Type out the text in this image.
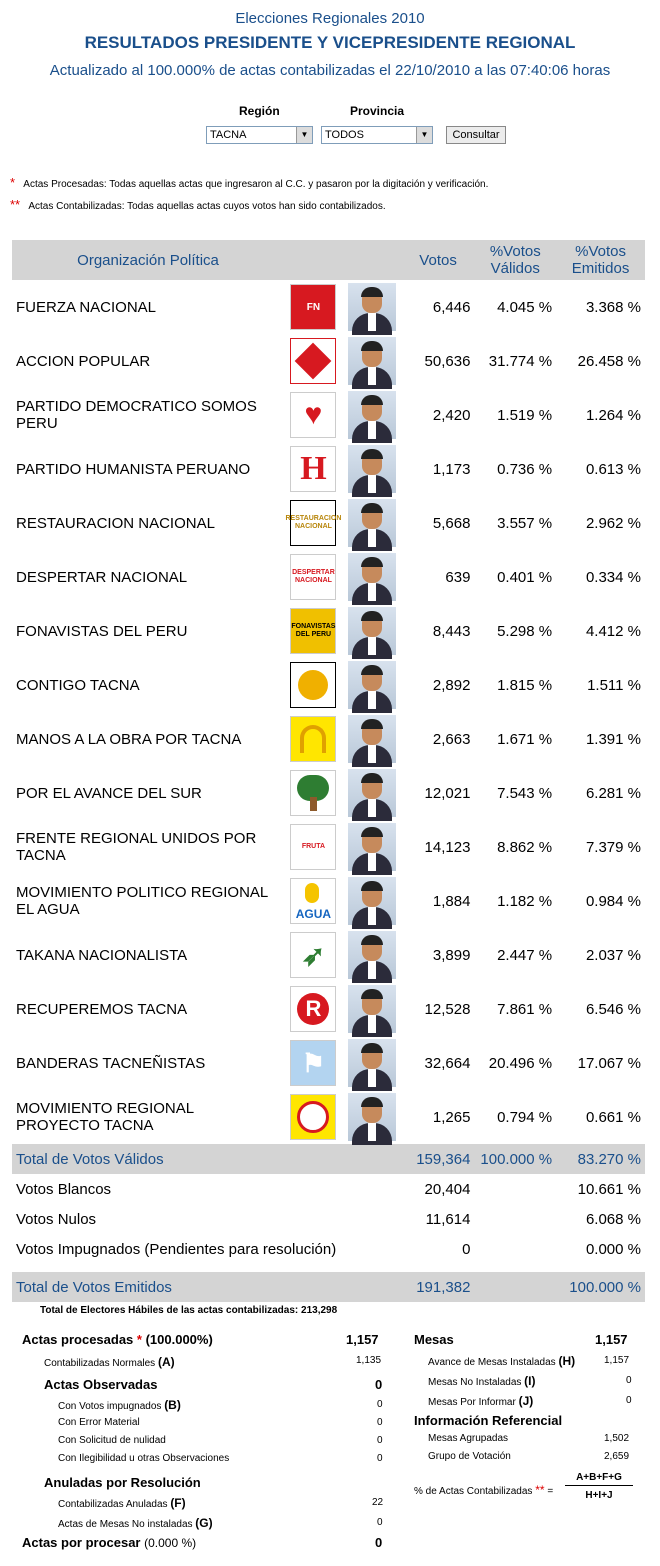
Elecciones Regionales 2010
RESULTADOS PRESIDENTE Y VICEPRESIDENTE REGIONAL
Actualizado al 100.000% de actas contabilizadas el 22/10/2010 a las 07:40:06 horas
Región	Provincia
TACNA	▼	TODOS	▼	Consultar
* Actas Procesadas: Todas aquellas actas que ingresaron al C.C. y pasaron por la digitación y verificación.
** Actas Contabilizadas: Todas aquellas actas cuyos votos han sido contabilizados.
Organización Política			Votos	%Votos Válidos	%Votos Emitidos
FUERZA NACIONAL	FN		6,446	4.045 %	3.368 %
ACCION POPULAR			50,636	31.774 %	26.458 %
PARTIDO DEMOCRATICO SOMOS PERU	♥		2,420	1.519 %	1.264 %
PARTIDO HUMANISTA PERUANO	H		1,173	0.736 %	0.613 %
RESTAURACION NACIONAL	RESTAURACION NACIONAL		5,668	3.557 %	2.962 %
DESPERTAR NACIONAL	DESPERTAR NACIONAL		639	0.401 %	0.334 %
FONAVISTAS DEL PERU	FONAVISTAS DEL PERU		8,443	5.298 %	4.412 %
CONTIGO TACNA			2,892	1.815 %	1.511 %
MANOS A LA OBRA POR TACNA			2,663	1.671 %	1.391 %
POR EL AVANCE DEL SUR			12,021	7.543 %	6.281 %
FRENTE REGIONAL UNIDOS POR TACNA	FRUTA		14,123	8.862 %	7.379 %
MOVIMIENTO POLITICO REGIONAL EL AGUA	AGUA		1,884	1.182 %	0.984 %
TAKANA NACIONALISTA	➶		3,899	2.447 %	2.037 %
RECUPEREMOS TACNA	R		12,528	7.861 %	6.546 %
BANDERAS TACNEÑISTAS	⚑		32,664	20.496 %	17.067 %
MOVIMIENTO REGIONAL PROYECTO TACNA			1,265	0.794 %	0.661 %
Total de Votos Válidos			159,364	100.000 %	83.270 %
Votos Blancos			20,404		10.661 %
Votos Nulos			11,614		6.068 %
Votos Impugnados (Pendientes para resolución)			0		0.000 %

Total de Votos Emitidos			191,382		100.000 %
Total de Electores Hábiles de las actas contabilizadas: 213,298
Actas procesadas * (100.000%)	1,157
Contabilizadas Normales (A)	1,135
Actas Observadas	0
Con Votos impugnados (B)	0
Con Error Material	0
Con Solicitud de nulidad	0
Con Ilegibilidad u otras Observaciones	0
Anuladas por Resolución
Contabilizadas Anuladas (F)	22
Actas de Mesas No instaladas (G)	0
Actas por procesar (0.000 %)	0
Mesas	1,157
Avance de Mesas Instaladas (H)	1,157
Mesas No Instaladas (I)	0
Mesas Por Informar (J)	0
Información Referencial
Mesas Agrupadas	1,502
Grupo de Votación	2,659
% de Actas Contabilizadas ** = $\frac{A+B+F+G}{H+I+J}$
